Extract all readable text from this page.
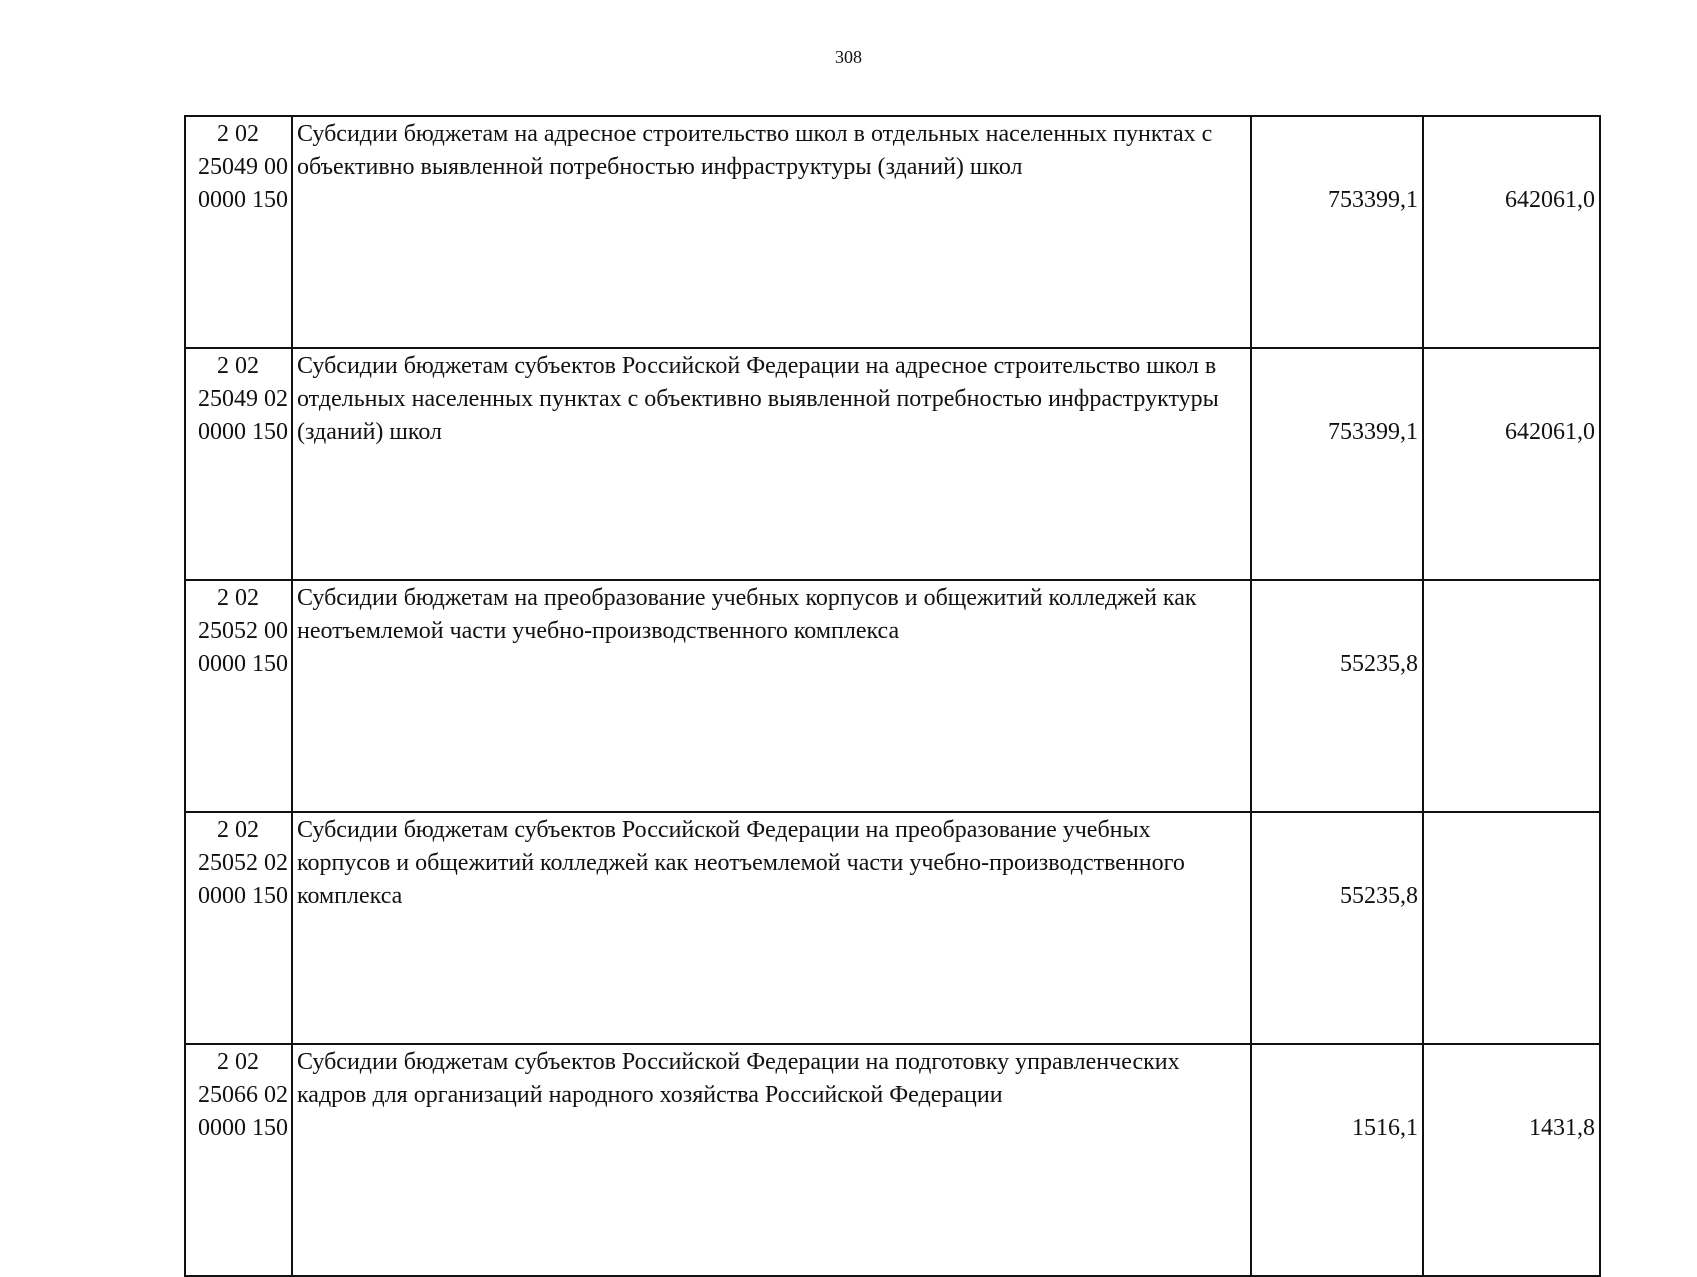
308
2 02
25049 00
0000 150	Субсидии бюджетам на адресное строительство школ в отдельных населенных пунктах с объективно выявленной потребностью инфраструктуры (зданий) школ	753399,1	642061,0

2 02
25049 02
0000 150	Субсидии бюджетам субъектов Российской Федерации на адресное строительство школ в отдельных населенных пунктах с объективно выявленной потребностью инфраструктуры (зданий) школ	753399,1	642061,0

2 02
25052 00
0000 150	Субсидии бюджетам на преобразование учебных корпусов и общежитий колледжей как неотъемлемой части учебно-производственного комплекса	55235,8	

2 02
25052 02
0000 150	Субсидии бюджетам субъектов Российской Федерации на преобразование учебных корпусов и общежитий колледжей как неотъемлемой части учебно-производственного комплекса	55235,8	

2 02
25066 02
0000 150	Субсидии бюджетам субъектов Российской Федерации на подготовку управленческих кадров для организаций народного хозяйства Российской Федерации	1516,1	1431,8
